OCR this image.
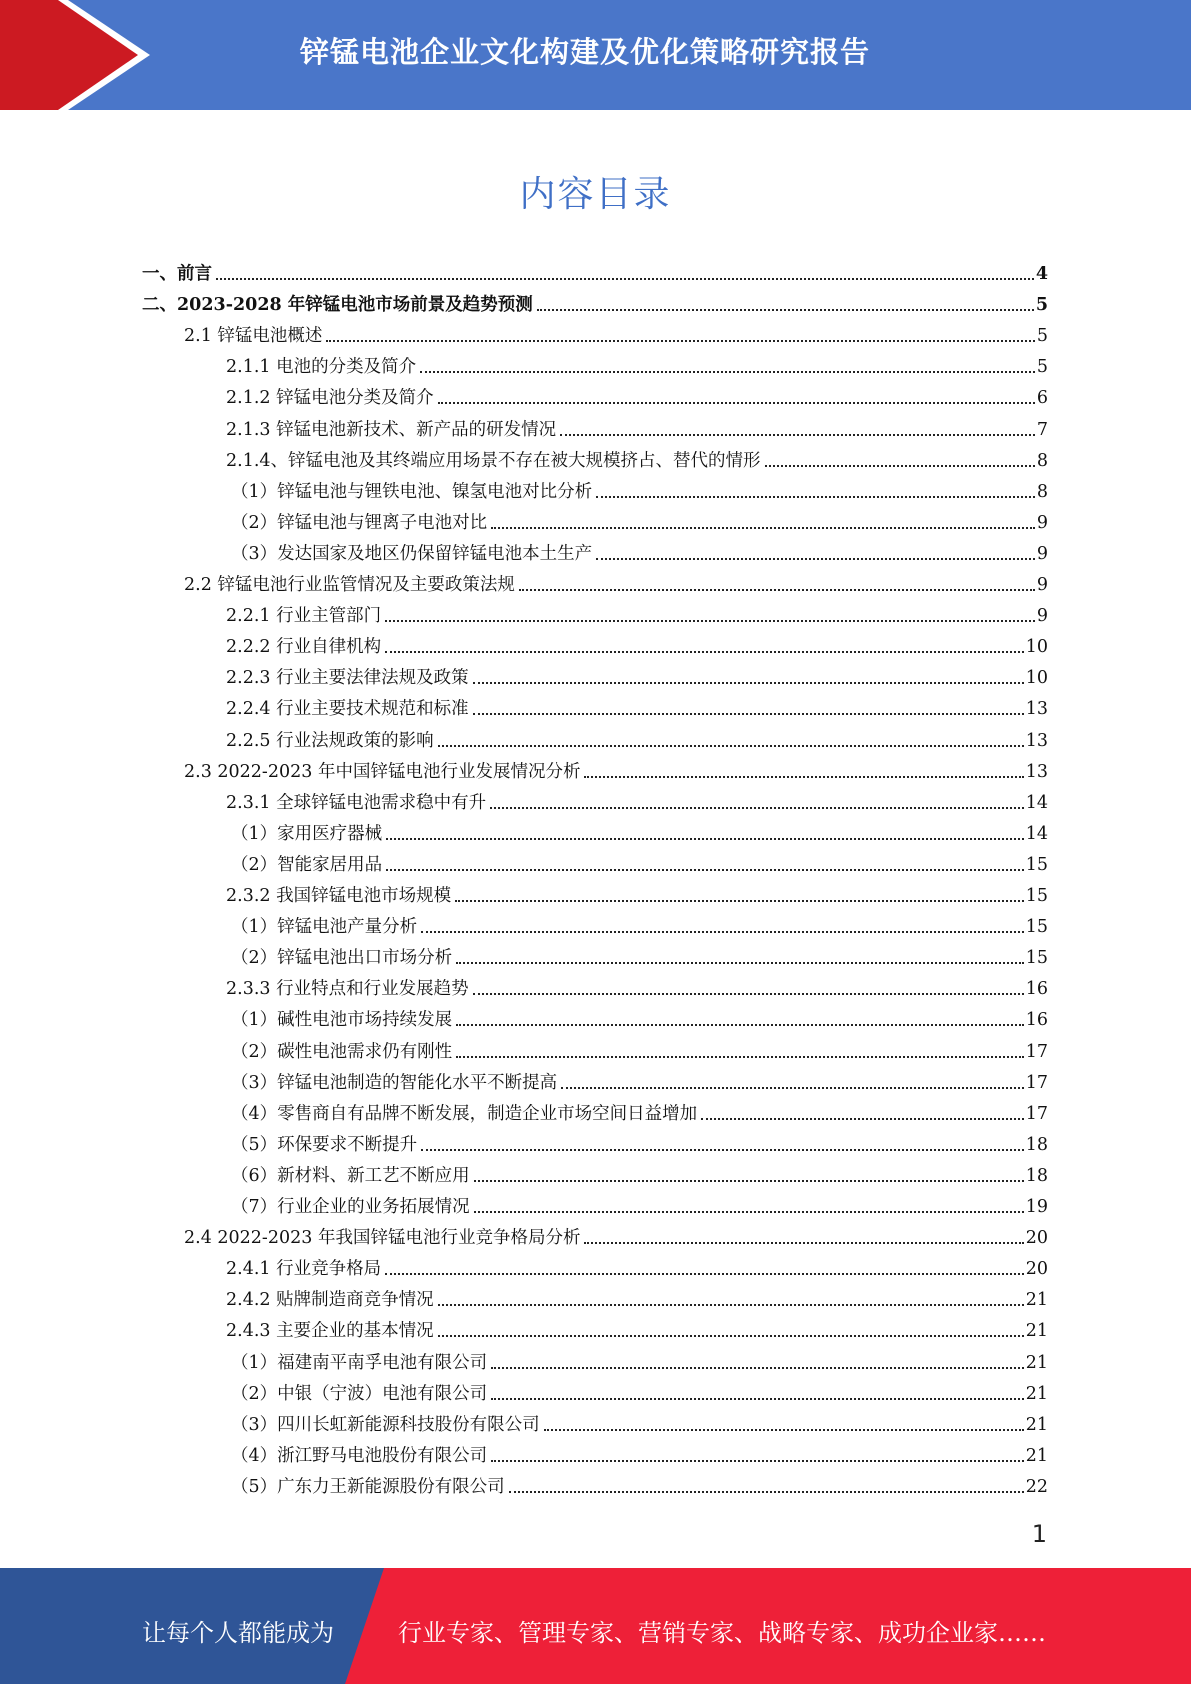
锌锰电池企业文化构建及优化策略研究报告
内容目录
一、前言	4
二、2023-2028 年锌锰电池市场前景及趋势预测	5
2.1 锌锰电池概述	5
2.1.1 电池的分类及简介	5
2.1.2 锌锰电池分类及简介	6
2.1.3 锌锰电池新技术、新产品的研发情况	7
2.1.4、锌锰电池及其终端应用场景不存在被大规模挤占、替代的情形	8
（1）锌锰电池与锂铁电池、镍氢电池对比分析	8
（2）锌锰电池与锂离子电池对比	9
（3）发达国家及地区仍保留锌锰电池本土生产	9
2.2 锌锰电池行业监管情况及主要政策法规	9
2.2.1 行业主管部门	9
2.2.2 行业自律机构	10
2.2.3 行业主要法律法规及政策	10
2.2.4 行业主要技术规范和标准	13
2.2.5 行业法规政策的影响	13
2.3 2022-2023 年中国锌锰电池行业发展情况分析	13
2.3.1 全球锌锰电池需求稳中有升	14
（1）家用医疗器械	14
（2）智能家居用品	15
2.3.2 我国锌锰电池市场规模	15
（1）锌锰电池产量分析	15
（2）锌锰电池出口市场分析	15
2.3.3 行业特点和行业发展趋势	16
（1）碱性电池市场持续发展	16
（2）碳性电池需求仍有刚性	17
（3）锌锰电池制造的智能化水平不断提高	17
（4）零售商自有品牌不断发展，制造企业市场空间日益增加	17
（5）环保要求不断提升	18
（6）新材料、新工艺不断应用	18
（7）行业企业的业务拓展情况	19
2.4 2022-2023 年我国锌锰电池行业竞争格局分析	20
2.4.1 行业竞争格局	20
2.4.2 贴牌制造商竞争情况	21
2.4.3 主要企业的基本情况	21
（1）福建南平南孚电池有限公司	21
（2）中银（宁波）电池有限公司	21
（3）四川长虹新能源科技股份有限公司	21
（4）浙江野马电池股份有限公司	21
（5）广东力王新能源股份有限公司	22
1
让每个人都能成为	行业专家、管理专家、营销专家、战略专家、成功企业家……
